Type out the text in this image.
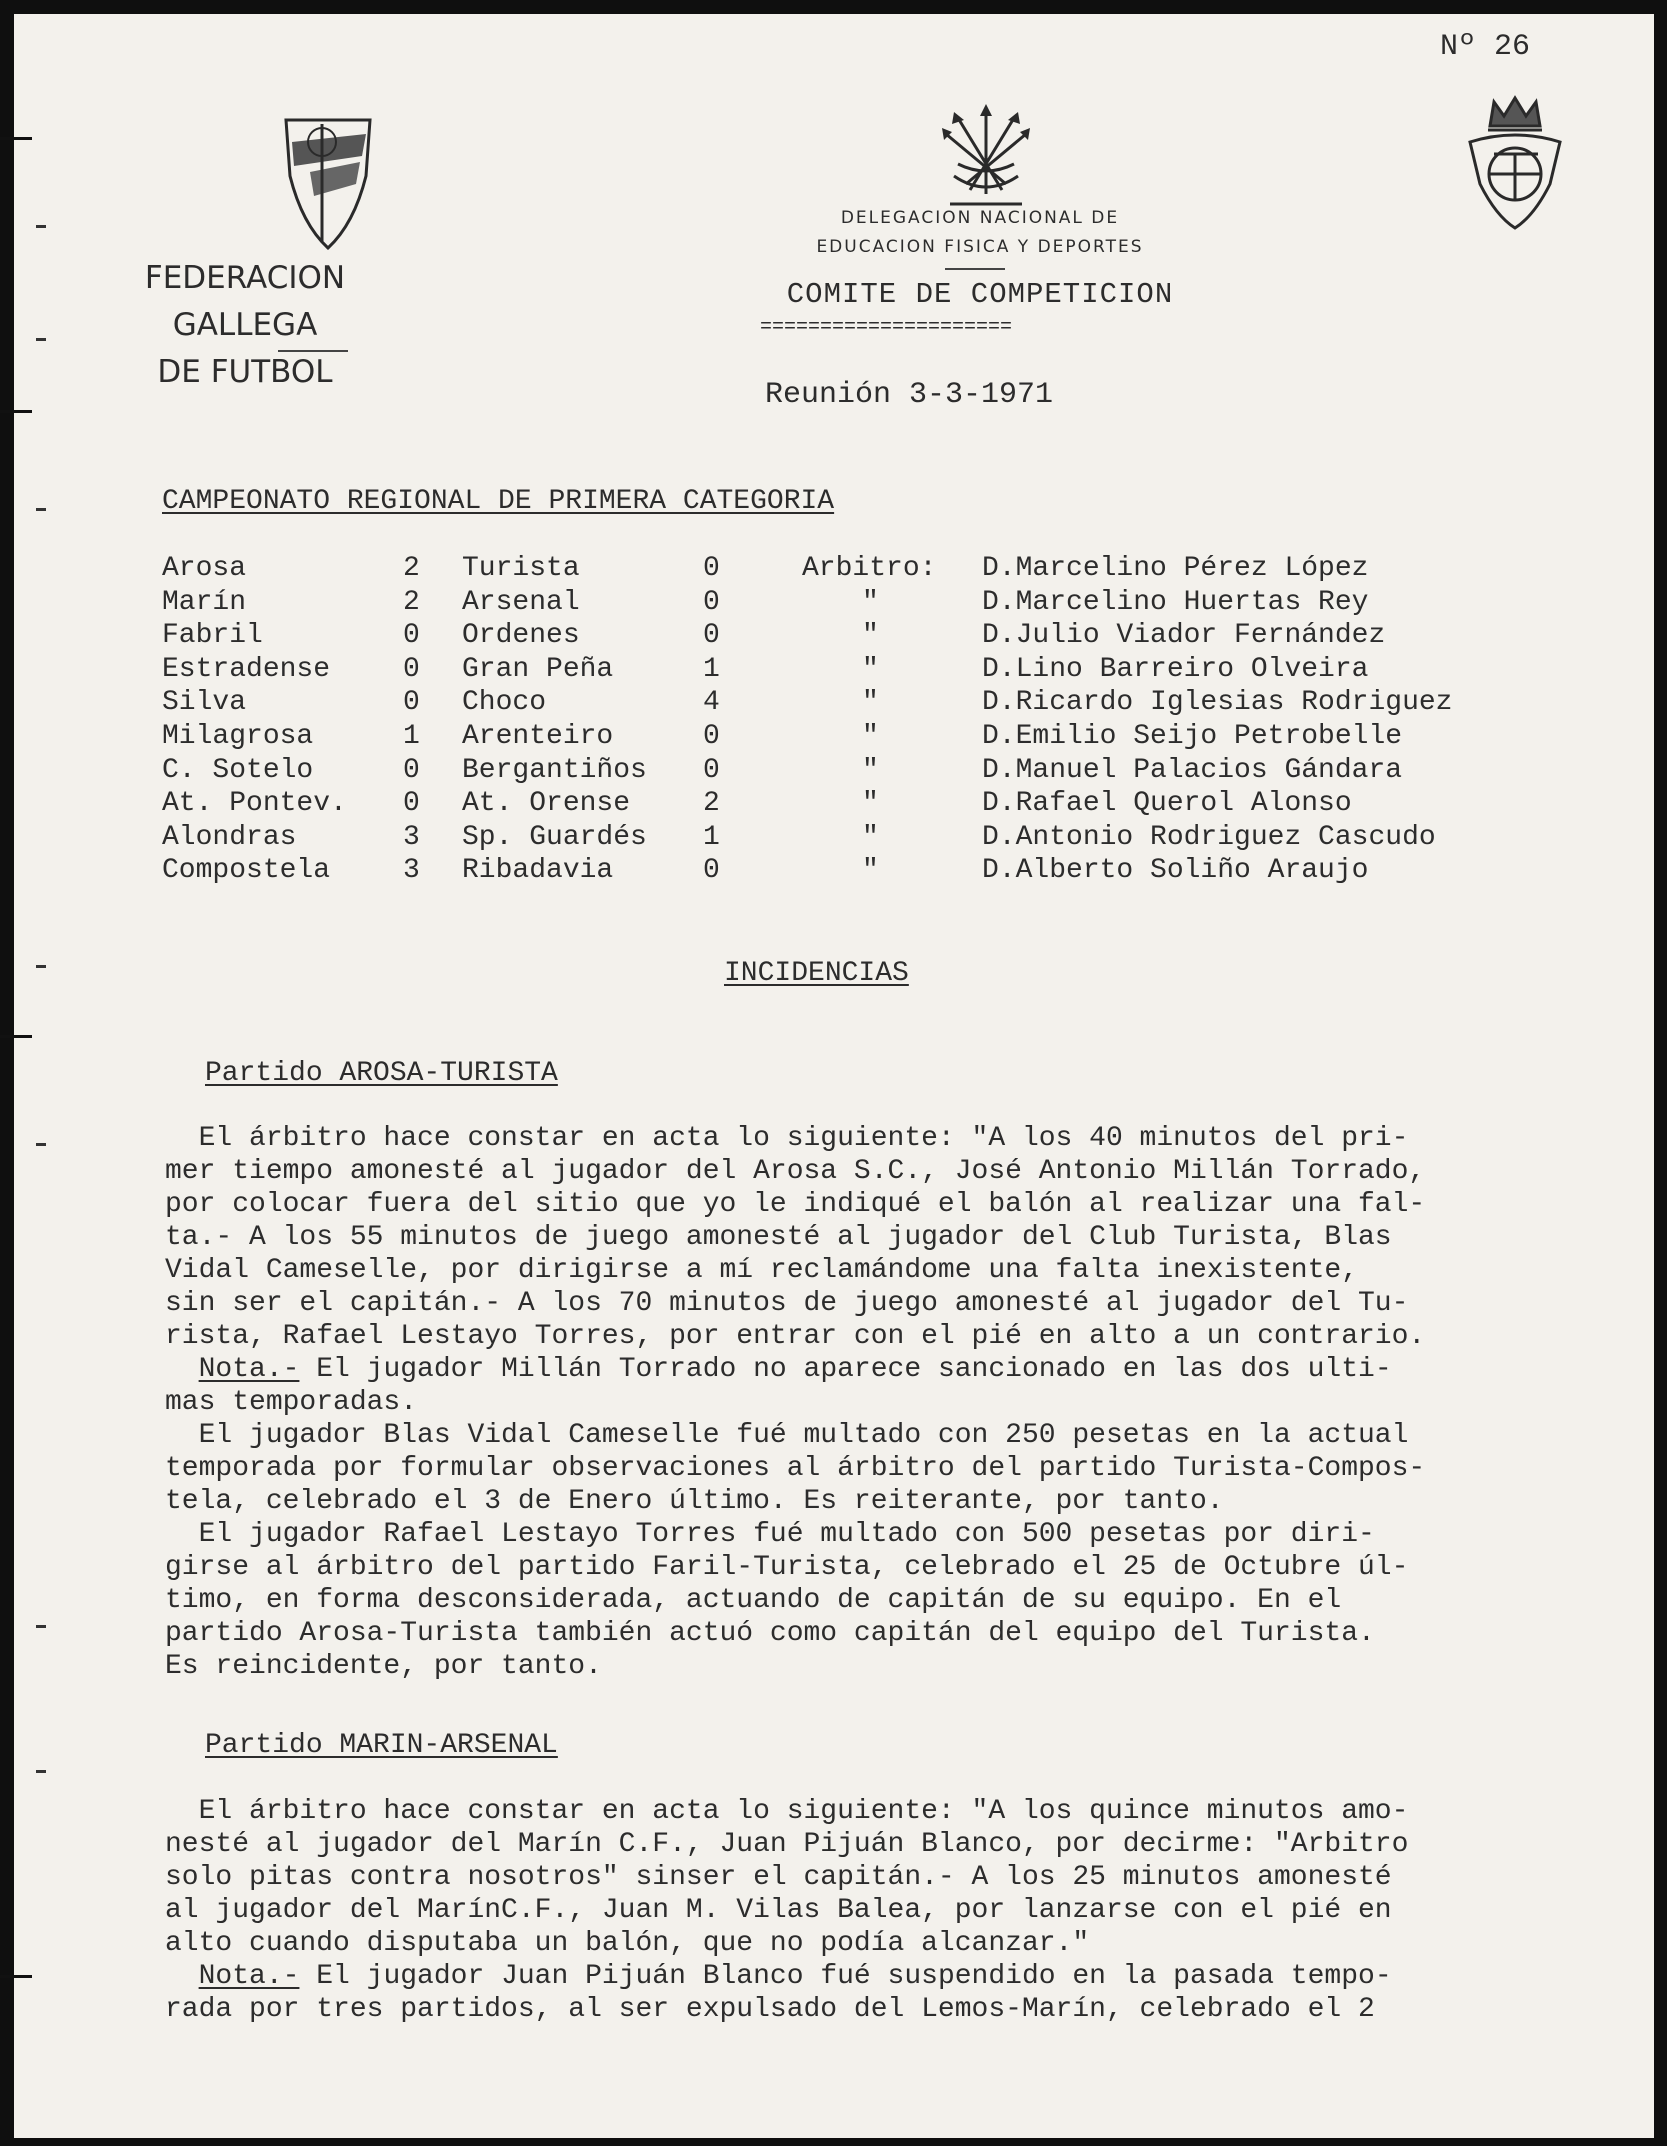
Nº 26
FEDERACION GALLEGA
DE FUTBOL
DELEGACION NACIONAL DE
EDUCACION FISICA Y DEPORTES
COMITE DE COMPETICION
=====================
Reunión 3-3-1971
CAMPEONATO REGIONAL DE PRIMERA CATEGORIA
Arosa
Marín
Fabril
Estradense
Silva
Milagrosa
C. Sotelo
At. Pontev.
Alondras
Compostela
2
2
0
0
0
1
0
0
3
3
Turista
Arsenal
Ordenes
Gran Peña
Choco
Arenteiro
Bergantiños
At. Orense
Sp. Guardés
Ribadavia
0
0
0
1
4
0
0
2
1
0
Arbitro:
"
"
"
"
"
"
"
"
"
D.Marcelino Pérez López
D.Marcelino Huertas Rey
D.Julio Viador Fernández
D.Lino Barreiro Olveira
D.Ricardo Iglesias Rodriguez
D.Emilio Seijo Petrobelle
D.Manuel Palacios Gándara
D.Rafael Querol Alonso
D.Antonio Rodriguez Cascudo
D.Alberto Soliño Araujo
INCIDENCIAS
Partido AROSA-TURISTA
El árbitro hace constar en acta lo siguiente: "A los 40 minutos del pri-
mer tiempo amonesté al jugador del Arosa S.C., José Antonio Millán Torrado,
por colocar fuera del sitio que yo le indiqué el balón al realizar una fal-
ta.- A los 55 minutos de juego amonesté al jugador del Club Turista, Blas
Vidal Cameselle, por dirigirse a mí reclamándome una falta inexistente,
sin ser el capitán.- A los 70 minutos de juego amonesté al jugador del Tu-
rista, Rafael Lestayo Torres, por entrar con el pié en alto a un contrario.
Nota.- El jugador Millán Torrado no aparece sancionado en las dos ulti-
mas temporadas.
El jugador Blas Vidal Cameselle fué multado con 250 pesetas en la actual
temporada por formular observaciones al árbitro del partido Turista-Compos-
tela, celebrado el 3 de Enero último. Es reiterante, por tanto.
El jugador Rafael Lestayo Torres fué multado con 500 pesetas por diri-
girse al árbitro del partido Faril-Turista, celebrado el 25 de Octubre úl-
timo, en forma desconsiderada, actuando de capitán de su equipo. En el
partido Arosa-Turista también actuó como capitán del equipo del Turista.
Es reincidente, por tanto.
Partido MARIN-ARSENAL
El árbitro hace constar en acta lo siguiente: "A los quince minutos amo-
nesté al jugador del Marín C.F., Juan Pijuán Blanco, por decirme: "Arbitro
solo pitas contra nosotros" sinser el capitán.- A los 25 minutos amonesté
al jugador del MarínC.F., Juan M. Vilas Balea, por lanzarse con el pié en
alto cuando disputaba un balón, que no podía alcanzar."
Nota.- El jugador Juan Pijuán Blanco fué suspendido en la pasada tempo-
rada por tres partidos, al ser expulsado del Lemos-Marín, celebrado el 2
